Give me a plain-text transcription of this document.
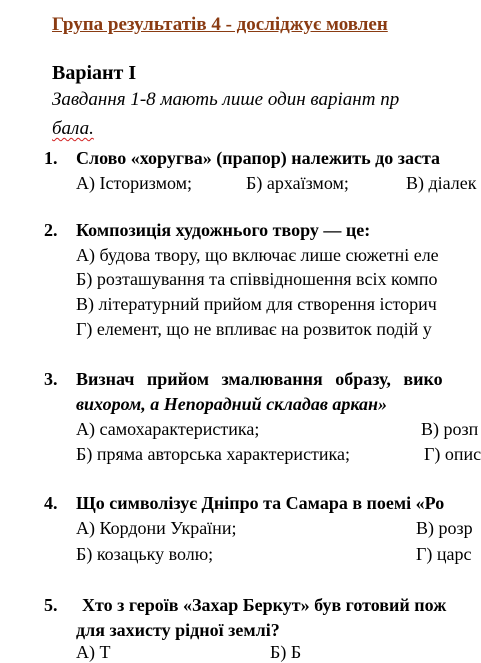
Група результатів 4 - досліджує мовлен
Варіант І
Завдання 1-8 мають лише один варіант пр
бала.
1. Слово «хоругва» (прапор) належить до заста
А) Історизмом;	Б) архаїзмом;	В) діалек
2. Композиція художнього твору — це:
А) будова твору, що включає лише сюжетні еле
Б) розташування та співвідношення всіх компо
В) літературний прийом для створення історич
Г) елемент, що не впливає на розвиток подій у
3. Визнач прийом змалювання образу, вико
вихором, а Непорадний складав аркан»
А) самохарактеристика;	В) розп
Б) пряма авторська характеристика;	Г) опис
4. Що символізує Дніпро та Самара в поемі «Ро
А) Кордони України;	В) розр
Б) козацьку волю;	Г) царс
5. Хто з героїв «Захар Беркут» був готовий пож
для захисту рідної землі?
А) Т	Б) Б
